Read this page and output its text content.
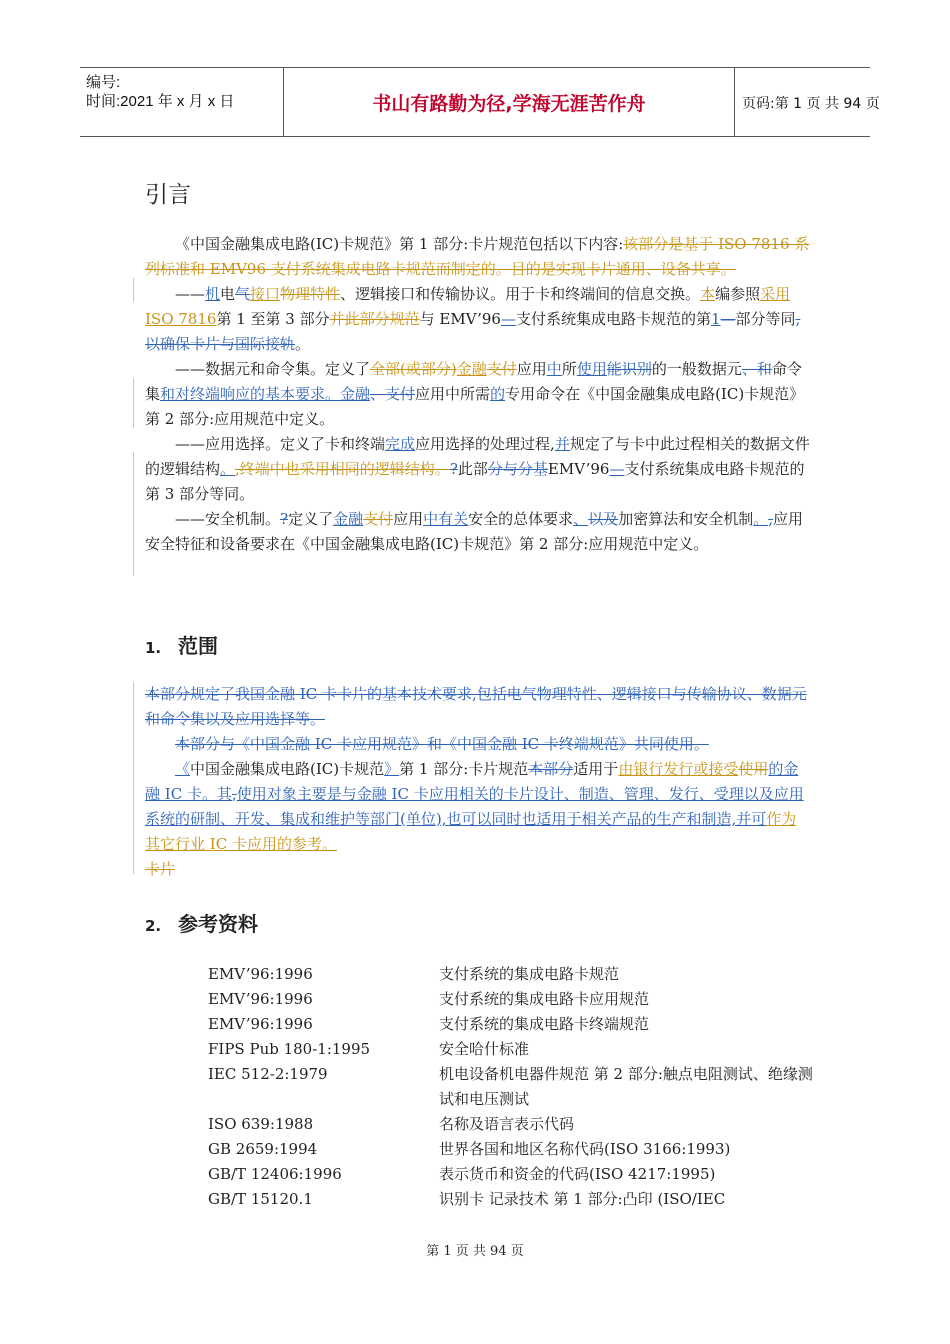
编号:
时间:2021 年 x 月 x 日	书山有路勤为径,学海无涯苦作舟	页码:第 1 页 共 94 页
引言

《中国金融集成电路(IC)卡规范》第 1 部分:卡片规范包括以下内容:该部分是基于 ISO 7816 系列标准和 EMV96 支付系统集成电路卡规范而制定的。目的是实现卡片通用、设备共享。

——机电气接口物理特性、逻辑接口和传输协议。用于卡和终端间的信息交换。本编参照采用 ISO 7816第 1 至第 3 部分并此部分规范与 EMV’96—支付系统集成电路卡规范的第1—部分等同,以确保卡片与国际接轨。

——数据元和命令集。定义了全部(或部分)金融支付应用中所使用能识别的一般数据元、和命令集和对终端响应的基本要求。金融、支付应用中所需的专用命令在《中国金融集成电路(IC)卡规范》第 2 部分:应用规范中定义。

——应用选择。定义了卡和终端完成应用选择的处理过程,并规定了与卡中此过程相关的数据文件的逻辑结构。,终端中也采用相同的逻辑结构。?此部分与分基EMV’96—支付系统集成电路卡规范的第 3 部分等同。

——安全机制。?定义了金融支付应用中有关安全的总体要求、以及加密算法和安全机制。,应用安全特征和设备要求在《中国金融集成电路(IC)卡规范》第 2 部分:应用规范中定义。

1. 范围

本部分规定了我国金融 IC 卡卡片的基本技术要求,包括电气物理特性、逻辑接口与传输协议、数据元和命令集以及应用选择等。

本部分与《中国金融 IC 卡应用规范》和《中国金融 IC 卡终端规范》共同使用。

《中国金融集成电路(IC)卡规范》第 1 部分:卡片规范本部分适用于由银行发行或接受使用的金融 IC 卡。其,使用对象主要是与金融 IC 卡应用相关的卡片设计、制造、管理、发行、受理以及应用系统的研制、开发、集成和维护等部门(单位),也可以同时也适用于相关产品的生产和制造,并可作为其它行业 IC 卡应用的参考。
卡片

2. 参考资料
EMV’96:1996	支付系统的集成电路卡规范
EMV’96:1996	支付系统的集成电路卡应用规范
EMV’96:1996	支付系统的集成电路卡终端规范
FIPS Pub 180-1:1995	安全哈什标准
IEC 512-2:1979	机电设备机电器件规范 第 2 部分:触点电阻测试、绝缘测试和电压测试
ISO 639:1988	名称及语言表示代码
GB 2659:1994	世界各国和地区名称代码(ISO 3166:1993)
GB/T 12406:1996	表示货币和资金的代码(ISO 4217:1995)
GB/T 15120.1	识别卡 记录技术 第 1 部分:凸印 (ISO/IEC
第 1 页 共 94 页
